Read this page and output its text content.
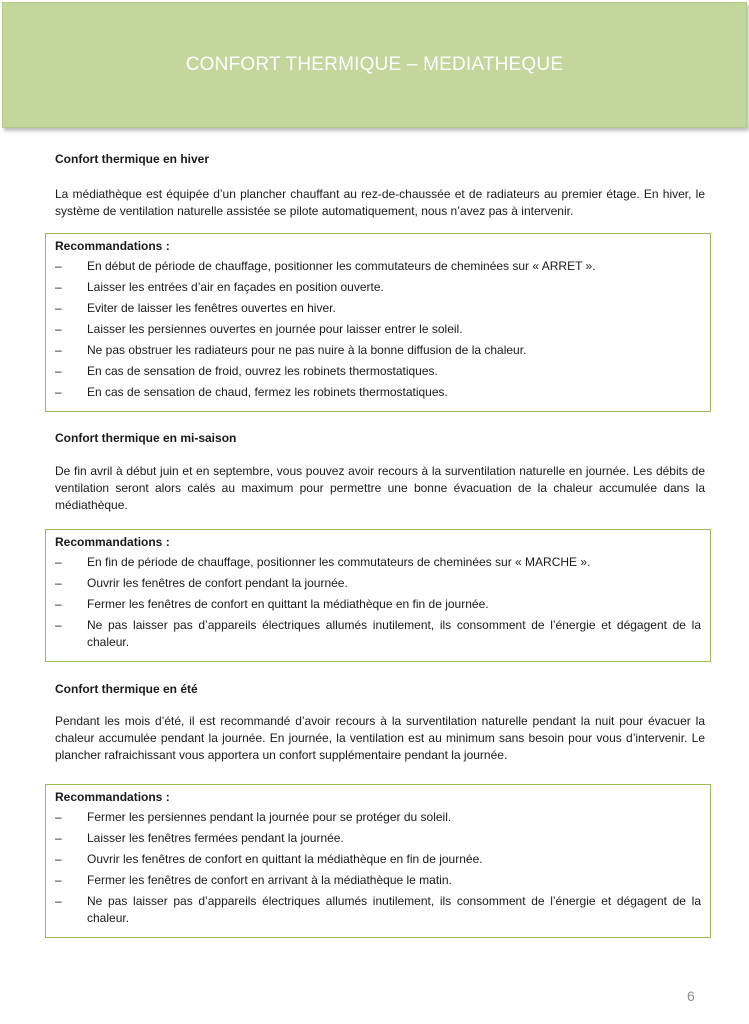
CONFORT THERMIQUE – MEDIATHEQUE

Confort thermique en hiver

La médiathèque est équipée d’un plancher chauffant au rez-de-chaussée et de radiateurs au premier étage. En hiver, le système de ventilation naturelle assistée se pilote automatiquement, nous n’avez pas à intervenir.

Recommandations :

– En début de période de chauffage, positionner les commutateurs de cheminées sur « ARRET ».
– Laisser les entrées d’air en façades en position ouverte.
– Eviter de laisser les fenêtres ouvertes en hiver.
– Laisser les persiennes ouvertes en journée pour laisser entrer le soleil.
– Ne pas obstruer les radiateurs pour ne pas nuire à la bonne diffusion de la chaleur.
– En cas de sensation de froid, ouvrez les robinets thermostatiques.
– En cas de sensation de chaud, fermez les robinets thermostatiques.

Confort thermique en mi-saison

De fin avril à début juin et en septembre, vous pouvez avoir recours à la surventilation naturelle en journée. Les débits de ventilation seront alors calés au maximum pour permettre une bonne évacuation de la chaleur accumulée dans la médiathèque.

Recommandations :

– En fin de période de chauffage, positionner les commutateurs de cheminées sur « MARCHE ».
– Ouvrir les fenêtres de confort pendant la journée.
– Fermer les fenêtres de confort en quittant la médiathèque en fin de journée.
– Ne pas laisser pas d’appareils électriques allumés inutilement, ils consomment de l’énergie et dégagent de la chaleur.

Confort thermique en été

Pendant les mois d’été, il est recommandé d’avoir recours à la surventilation naturelle pendant la nuit pour évacuer la chaleur accumulée pendant la journée. En journée, la ventilation est au minimum sans besoin pour vous d’intervenir. Le plancher rafraichissant vous apportera un confort supplémentaire pendant la journée.

Recommandations :

– Fermer les persiennes pendant la journée pour se protéger du soleil.
– Laisser les fenêtres fermées pendant la journée.
– Ouvrir les fenêtres de confort en quittant la médiathèque en fin de journée.
– Fermer les fenêtres de confort en arrivant à la médiathèque le matin.
– Ne pas laisser pas d’appareils électriques allumés inutilement, ils consomment de l’énergie et dégagent de la chaleur.
6
